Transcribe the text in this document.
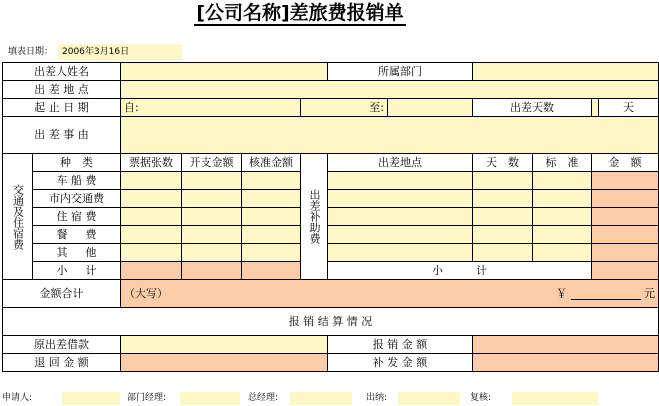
[公司名称]差旅费报销单
填表日期： 2006年3月16日
出差人姓名						所属部门					
出 差 地 点											
起 止 日 期		自:			至:			出差天数			天
出 差 事 由											
交通及住宿费	种　类	票据张数	开支金额	核准金额	出差补助费	出差地点		天　数	标　准	金　额	
	车 船 费										
	市内交通费										
	住 宿 费										
	餐 　 费										
	其 　 他										
	小 　 计					小　　　计					
金额合计		（大写） ￥ 元									

报 销 结 算 情 况											
原出差借款						报 销 金 额					
退 回 金 额						补 发 金 额					
申请人:	部门经理:	总经理:	出纳:	复核:
